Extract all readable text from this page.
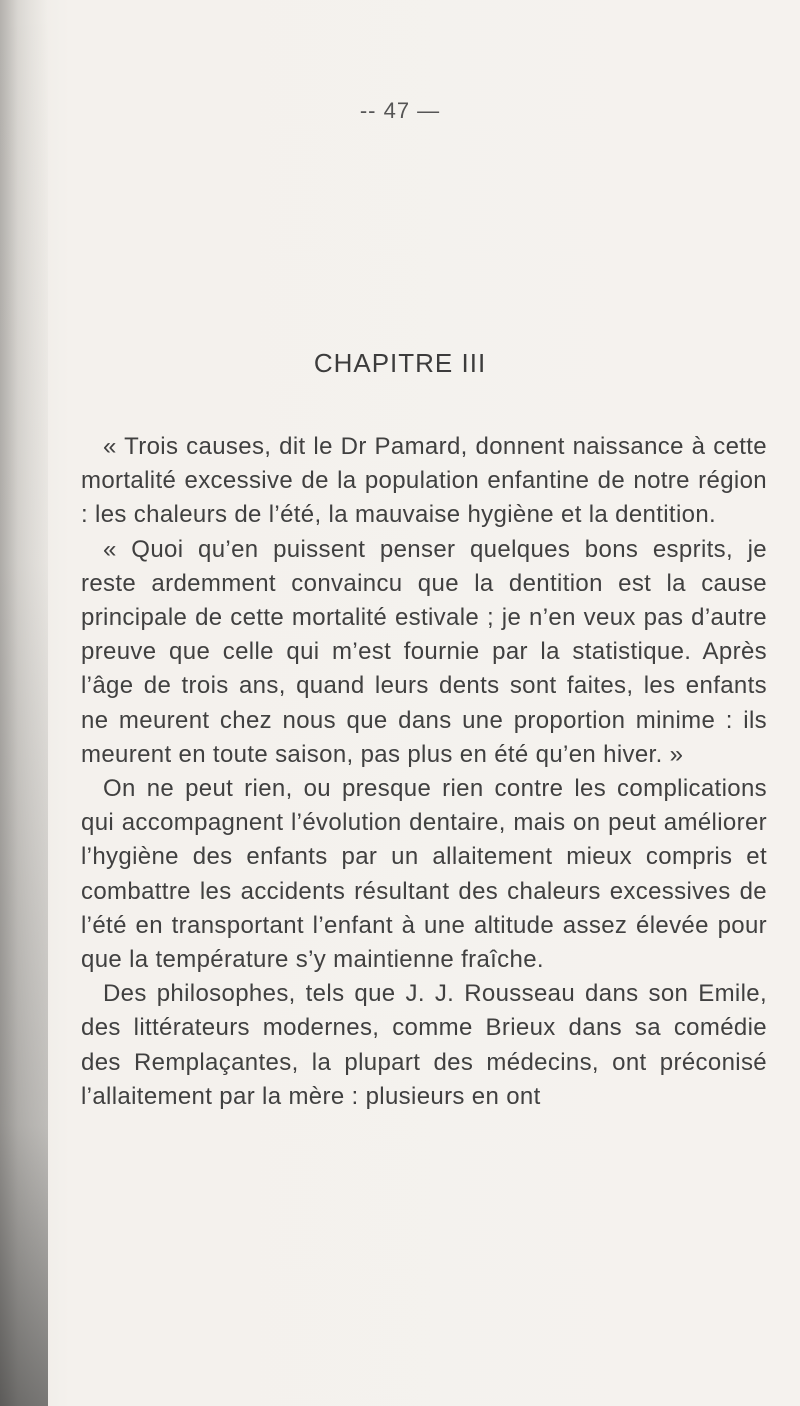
-- 47 —
CHAPITRE III

« Trois causes, dit le Dr Pamard, donnent naissance à cette mortalité excessive de la population enfantine de notre région : les chaleurs de l’été, la mauvaise hygiène et la dentition.

« Quoi qu’en puissent penser quelques bons esprits, je reste ardemment convaincu que la dentition est la cause principale de cette mortalité estivale ; je n’en veux pas d’autre preuve que celle qui m’est fournie par la statistique. Après l’âge de trois ans, quand leurs dents sont faites, les enfants ne meurent chez nous que dans une proportion minime : ils meurent en toute saison, pas plus en été qu’en hiver. »

On ne peut rien, ou presque rien contre les complications qui accompagnent l’évolution dentaire, mais on peut améliorer l’hygiène des enfants par un allaitement mieux compris et combattre les accidents résultant des chaleurs excessives de l’été en transportant l’enfant à une altitude assez élevée pour que la température s’y maintienne fraîche.

Des philosophes, tels que J. J. Rousseau dans son Emile, des littérateurs modernes, comme Brieux dans sa comédie des Remplaçantes, la plupart des médecins, ont préconisé l’allaitement par la mère : plusieurs en ont
